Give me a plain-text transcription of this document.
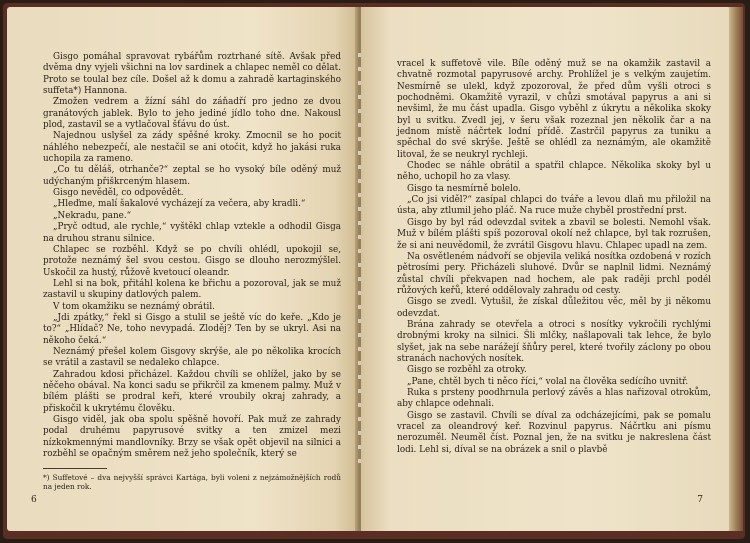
Gisgo pomáhal spravovat rybářům roztrhané sítě. Avšak před dvěma dny vyjeli všichni na lov sardinek a chlapec neměl co dělat. Proto se toulal bez cíle. Došel až k domu a zahradě kartaginského suffeta*) Hannona.

Zmožen vedrem a žízní sáhl do záňadří pro jedno ze dvou granátových jablek. Bylo to jeho jediné jídlo toho dne. Nakousl plod, zastavil se a vytlačoval šťávu do úst.

Najednou uslyšel za zády spěšné kroky. Zmocnil se ho pocit náhlého nebezpečí, ale nestačil se ani otočit, když ho jakási ruka uchopila za rameno.

„Co tu děláš, otrhanče?“ zeptal se ho vysoký bíle oděný muž udýchaným přiškrceným hlasem.

Gisgo nevěděl, co odpovědět.

„Hleďme, malí šakalové vycházejí za večera, aby kradli.“

„Nekradu, pane.“

„Pryč odtud, ale rychle,“ vyštěkl chlap vztekle a odhodil Gisga na druhou stranu silnice.

Chlapec se rozběhl. Když se po chvíli ohlédl, upokojil se, protože neznámý šel svou cestou. Gisgo se dlouho nerozmýšlel. Uskočil za hustý, růžově kvetoucí oleandr.

Lehl si na bok, přitáhl kolena ke břichu a pozoroval, jak se muž zastavil u skupiny datlových palem.

V tom okamžiku se neznámý obrátil.

„Jdi zpátky,“ řekl si Gisgo a stulil se ještě víc do keře. „Kdo je to?“ „Hlídač? Ne, toho nevypadá. Zloděj? Ten by se ukryl. Asi na někoho čeká.“

Neznámý přešel kolem Gisgovy skrýše, ale po několika krocích se vrátil a zastavil se nedaleko chlapce.

Zahradou kdosi přicházel. Každou chvíli se ohlížel, jako by se něčeho obával. Na konci sadu se přikrčil za kmenem palmy. Muž v bílém plášti se prodral keři, které vroubily okraj zahrady, a přiskočil k ukrytému člověku.

Gisgo viděl, jak oba spolu spěšně hovoří. Pak muž ze zahrady podal druhému papyrusové svitky a ten zmizel mezi nízkokmennými mandlovníky. Brzy se však opět objevil na silnici a rozběhl se opačným směrem než jeho společník, který se

*) Suffetové – dva nejvyšší správci Kartága, byli voleni z nejzámožnějších rodů na jeden rok.
6

vracel k suffetově vile. Bíle oděný muž se na okamžik zastavil a chvatně rozmotal papyrusové archy. Prohlížel je s velkým zaujetím. Nesmírně se ulekl, když zpozoroval, že před dům vyšli otroci s pochodněmi. Okamžitě vyrazil, v chůzi smotával papyrus a ani si nevšiml, že mu část upadla. Gisgo vyběhl z úkrytu a několika skoky byl u svitku. Zvedl jej, v šeru však rozeznal jen několik čar a na jednom místě náčrtek lodní přídě. Zastrčil papyrus za tuniku a spěchal do své skrýše. Ještě se ohlédl za neznámým, ale okamžitě litoval, že se neukryl rychleji.

Chodec se náhle obrátil a spatřil chlapce. Několika skoky byl u něho, uchopil ho za vlasy.

Gisgo ta nesmírně bolelo.

„Co jsi viděl?“ zasípal chlapci do tváře a levou dlaň mu přiložil na ústa, aby ztlumil jeho pláč. Na ruce muže chyběl prostřední prst.

Gisgo by byl rád odevzdal svitek a zbavil se bolesti. Nemohl však. Muž v bílém plášti spíš pozoroval okolí než chlapce, byl tak rozrušen, že si ani neuvědomil, že zvrátil Gisgovu hlavu. Chlapec upadl na zem.

Na osvětleném nádvoří se objevila veliká nosítka ozdobená v rozích pětrosími pery. Přicházeli sluhové. Dvůr se naplnil lidmi. Neznámý zůstal chvíli překvapen nad hochem, ale pak raději prchl podél růžových keřů, které oddělovaly zahradu od cesty.

Gisgo se zvedl. Vytušil, že získal důležitou věc, měl by ji někomu odevzdat.

Brána zahrady se otevřela a otroci s nosítky vykročili rychlými drobnými kroky na silnici. Šli mlčky, našlapovali tak lehce, že bylo slyšet, jak na sebe narážejí šňůry perel, které tvořily záclony po obou stranách nachových nosítek.

Gisgo se rozběhl za otroky.

„Pane, chtěl bych ti něco říci,“ volal na člověka sedícího uvnitř.

Ruka s prsteny poodhrnula perlový závěs a hlas nařizoval otrokům, aby chlapce odehnali.

Gisgo se zastavil. Chvíli se díval za odcházejícími, pak se pomalu vracel za oleandrový keř. Rozvinul papyrus. Náčrtku ani písmu nerozuměl. Neuměl číst. Poznal jen, že na svitku je nakreslena část lodi. Lehl si, díval se na obrázek a snil o plavbě

7
